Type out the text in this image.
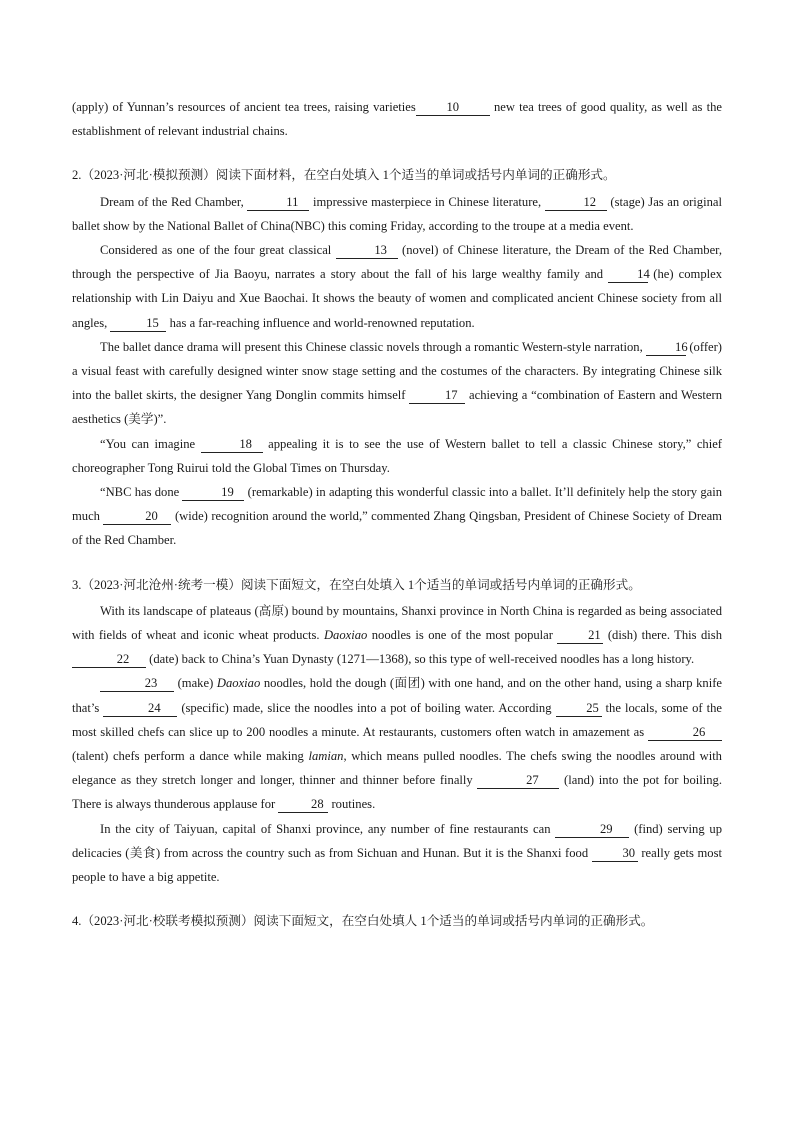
(apply) of Yunnan’s resources of ancient tea trees, raising varieties 10 new tea trees of good quality, as well as the establishment of relevant industrial chains.

2.（2023·河北·模拟预测）阅读下面材料，在空白处填入 1个适当的单词或括号内单词的正确形式。

Dream of the Red Chamber,	11 impressive masterpiece in Chinese literature,	12 (stage) Jas an original ballet show by the National Ballet of China(NBC) this coming Friday, according to the troupe at a media event.

Considered as one of the four great classical	13 (novel) of Chinese literature, the Dream of the Red Chamber, through the perspective of Jia Baoyu, narrates a story about the fall of his large wealthy family and 14 (he) complex relationship with Lin Daiyu and Xue Baochai. It shows the beauty of women and complicated ancient Chinese society from all angles,	15 has a far-reaching influence and world-renowned reputation.

The ballet dance drama will present this Chinese classic novels through a romantic Western-style narration, 16 (offer) a visual feast with carefully designed winter snow stage setting and the costumes of the characters. By integrating Chinese silk into the ballet skirts, the designer Yang Donglin commits himself	17 achieving a “combination of Eastern and Western aesthetics (美学)”.

“You can imagine	18 appealing it is to see the use of Western ballet to tell a classic Chinese story,” chief choreographer Tong Ruirui told the Global Times on Thursday.

“NBC has done	19 (remarkable) in adapting this wonderful classic into a ballet. It’ll definitely help the story gain much	20 (wide) recognition around the world,” commented Zhang Qingsban, President of Chinese Society of Dream of the Red Chamber.

3.（2023·河北沧州·统考一模）阅读下面短文，在空白处填入 1个适当的单词或括号内单词的正确形式。

With its landscape of plateaus (高原) bound by mountains, Shanxi province in North China is regarded as being associated with fields of wheat and iconic wheat products. Daoxiao noodles is one of the most popular 21 (dish) there. This dish 22 (date) back to China’s Yuan Dynasty (1271—1368), so this type of well-received noodles has a long history.

23 (make) Daoxiao noodles, hold the dough (面团) with one hand, and on the other hand, using a sharp knife that’s	24 (specific) made, slice the noodles into a pot of boiling water. According 25 the locals, some of the most skilled chefs can slice up to 200 noodles a minute. At restaurants, customers often watch in amazement as	26 (talent) chefs perform a dance while making lamian, which means pulled noodles. The chefs swing the noodles around with elegance as they stretch longer and longer, thinner and thinner before finally	27 (land) into the pot for boiling. There is always thunderous applause for	28 routines.

In the city of Taiyuan, capital of Shanxi province, any number of fine restaurants can	29 (find) serving up delicacies (美食) from across the country such as from Sichuan and Hunan. But it is the Shanxi food 30 really gets most people to have a big appetite.

4.（2023·河北·校联考模拟预测）阅读下面短文，在空白处填人 1个适当的单词或括号内单词的正确形式。
